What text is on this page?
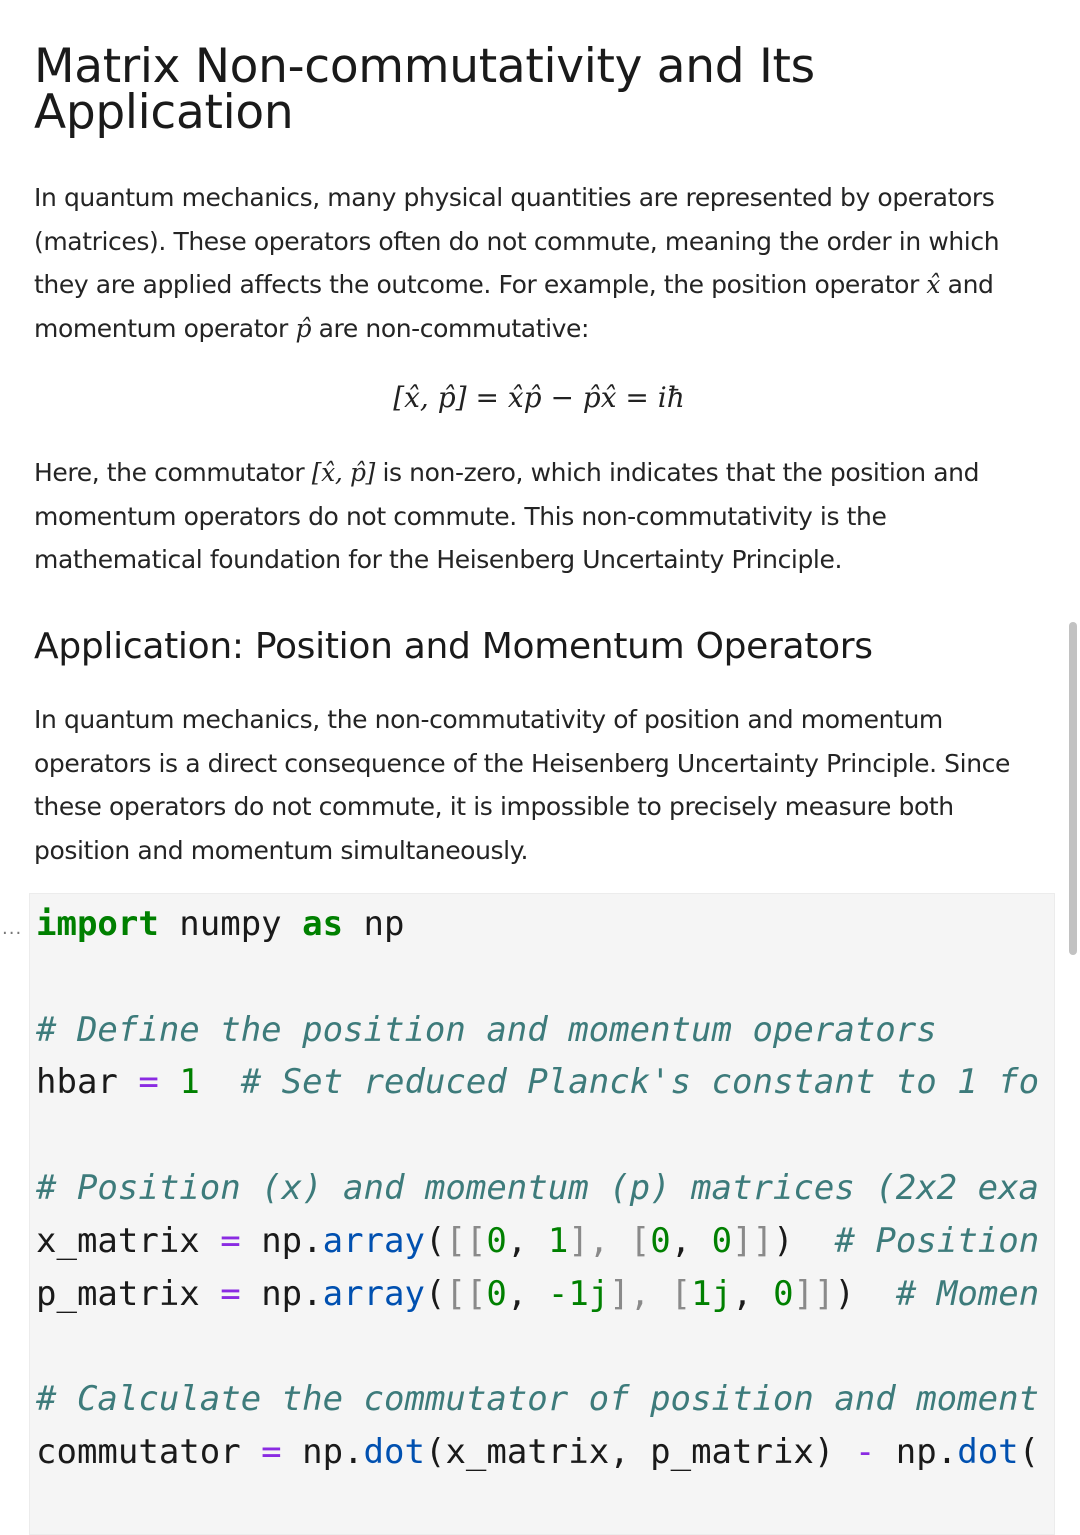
Matrix Non-commutativity and Its Application

In quantum mechanics, many physical quantities are represented by operators (matrices). These operators often do not commute, meaning the order in which they are applied affects the outcome. For example, the position operator x̂ and momentum operator p̂ are non-commutative:

[x̂, p̂] = x̂p̂ − p̂x̂ = iħ

Here, the commutator [x̂, p̂] is non-zero, which indicates that the position and momentum operators do not commute. This non-commutativity is the mathematical foundation for the Heisenberg Uncertainty Principle.

Application: Position and Momentum Operators

In quantum mechanics, the non-commutativity of position and momentum operators is a direct consequence of the Heisenberg Uncertainty Principle. Since these operators do not commute, it is impossible to precisely measure both position and momentum simultaneously.

... import numpy as np

# Define the position and momentum operators
hbar = 1  # Set reduced Planck's constant to 1 fo

# Position (x) and momentum (p) matrices (2x2 exa
x_matrix = np.array([[0, 1], [0, 0]])  # Position
p_matrix = np.array([[0, -1j], [1j, 0]])  # Momen

# Calculate the commutator of position and moment
commutator = np.dot(x_matrix, p_matrix) - np.dot(
